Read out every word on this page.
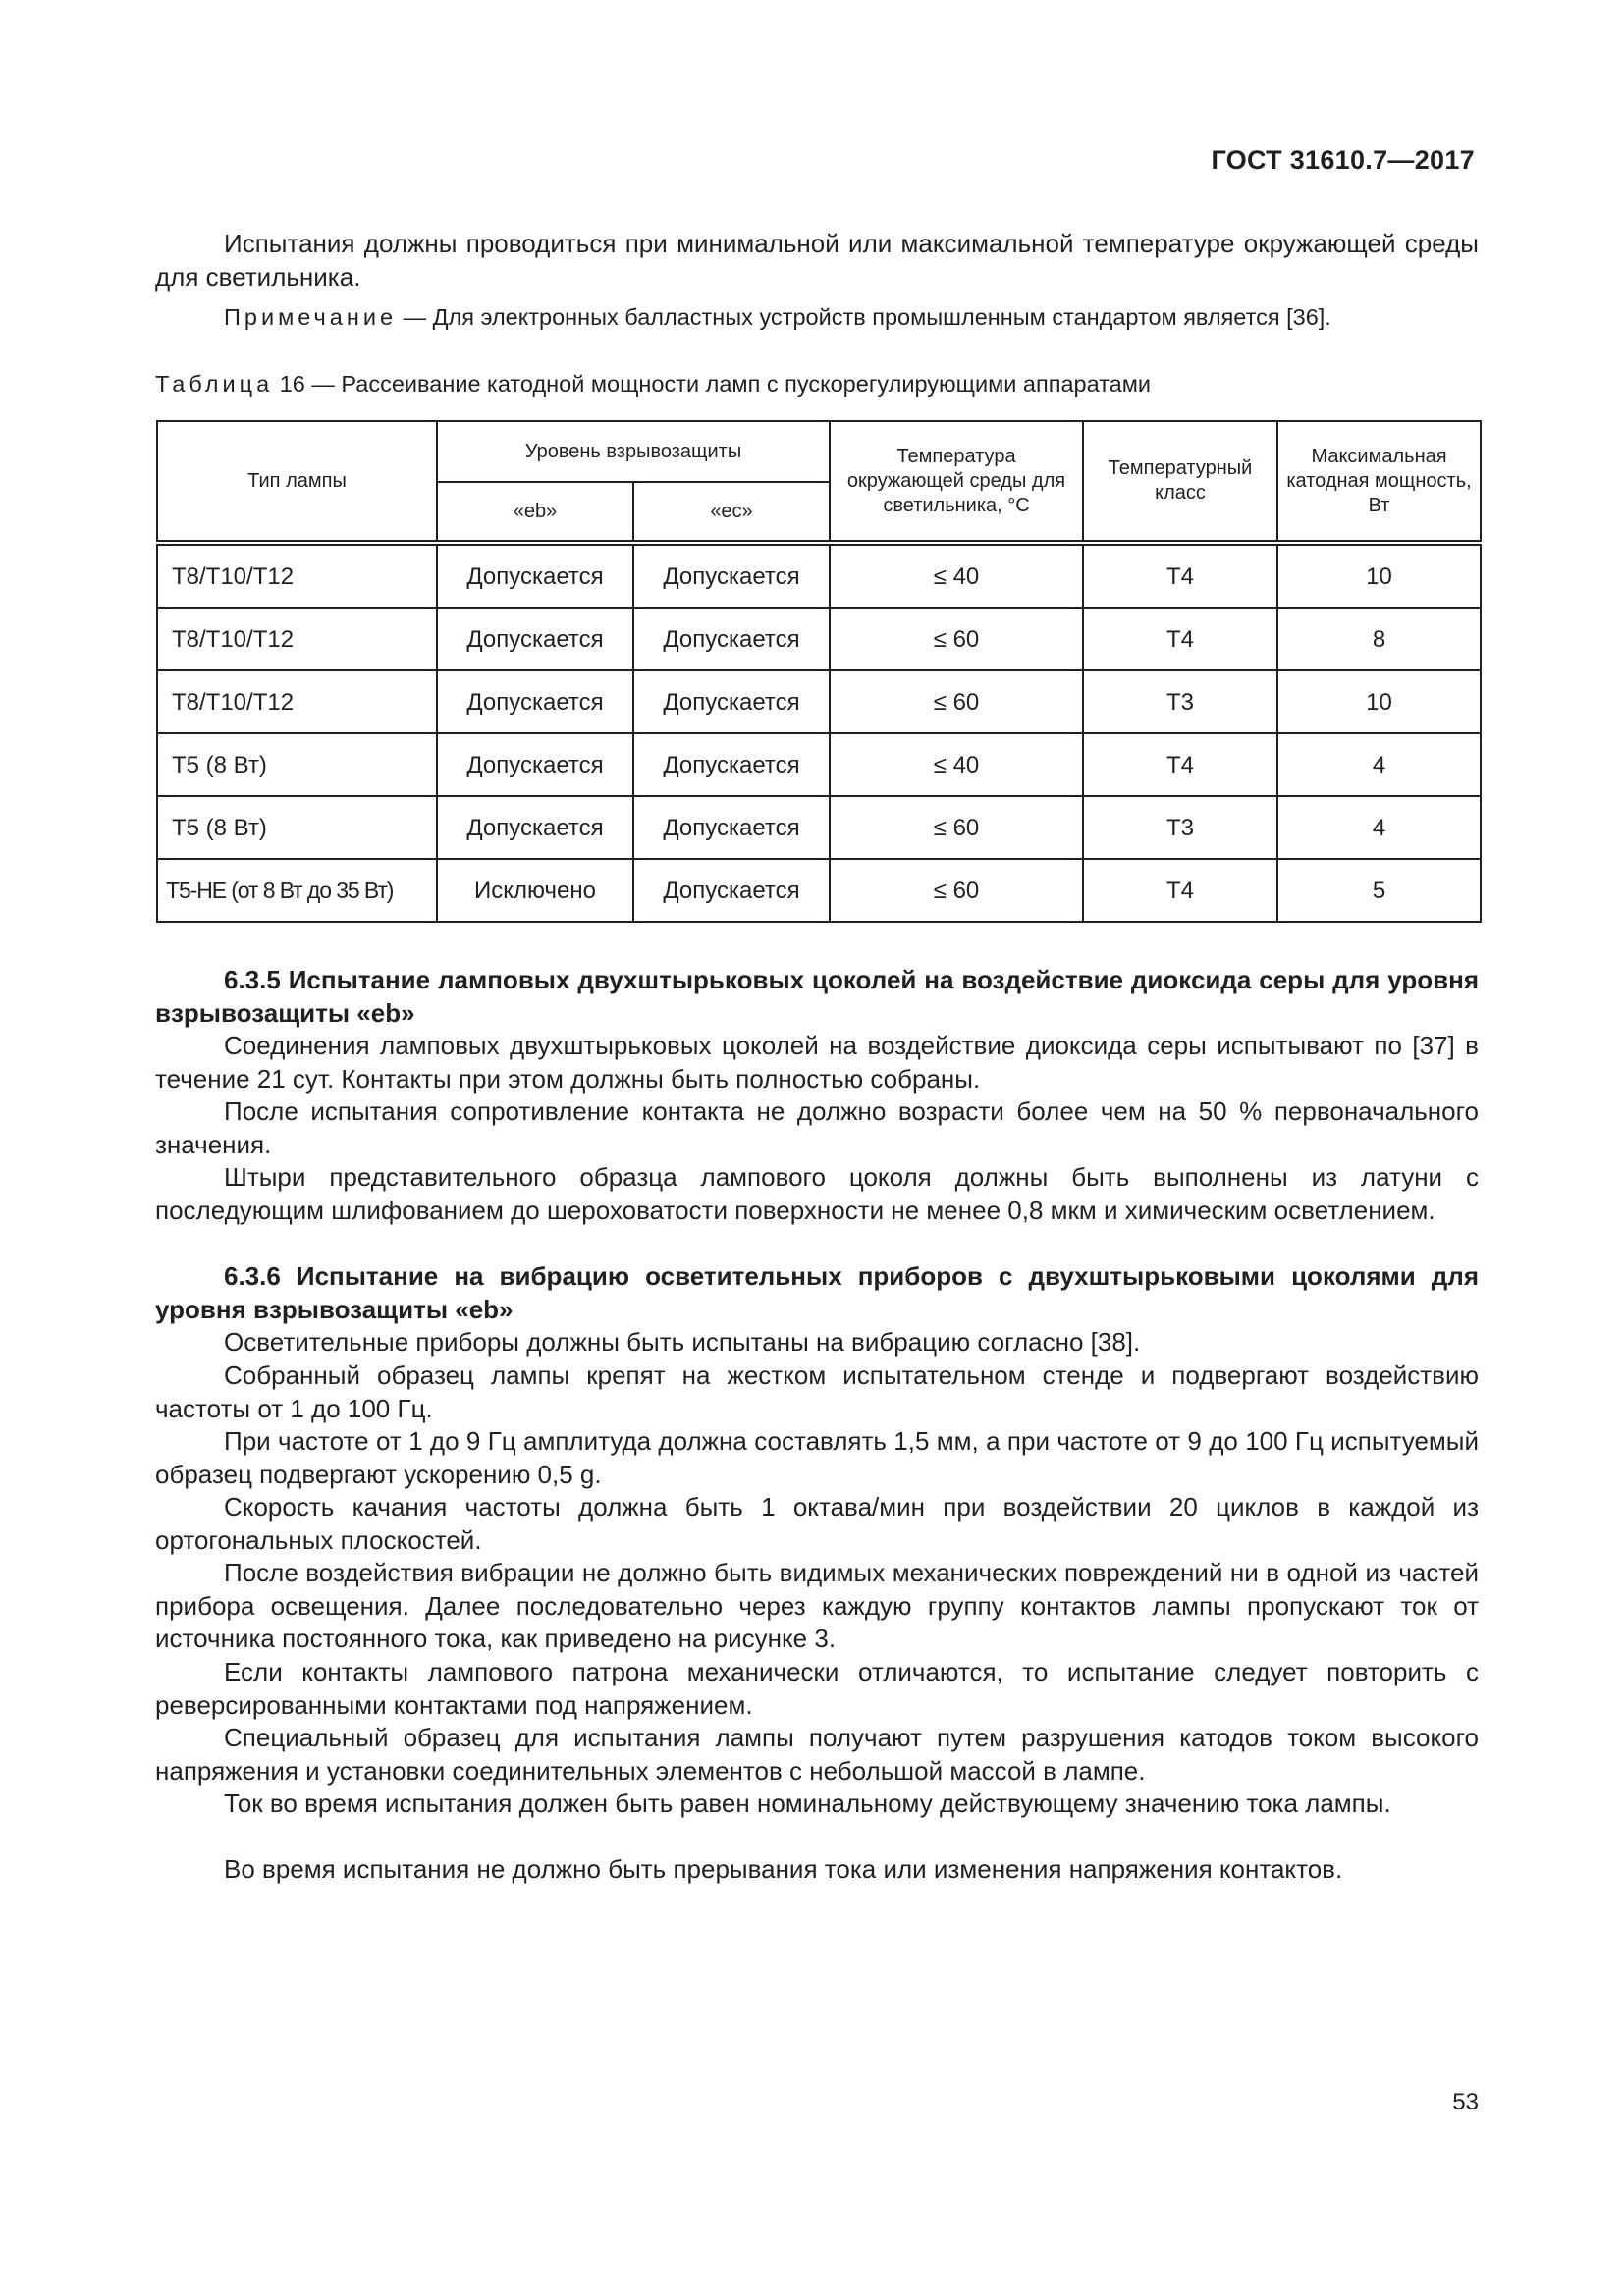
ГОСТ 31610.7—2017

Испытания должны проводиться при минимальной или максимальной температуре окружающей среды для светильника.

Примечание — Для электронных балластных устройств промышленным стандартом является [36].
Таблица 16 — Рассеивание катодной мощности ламп с пускорегулирующими аппаратами
Тип лампы	Уровень взрывозащиты		Температура окружающей среды для светильника, °C	Температурный класс	Максимальная катодная мощность, Вт
	«eb»	«ec»			
T8/T10/T12	Допускается	Допускается	≤ 40	T4	10
T8/T10/T12	Допускается	Допускается	≤ 60	T4	8
T8/T10/T12	Допускается	Допускается	≤ 60	T3	10
T5 (8 Вт)	Допускается	Допускается	≤ 40	T4	4
T5 (8 Вт)	Допускается	Допускается	≤ 60	T3	4
T5-HE (от 8 Вт до 35 Вт)	Исключено	Допускается	≤ 60	T4	5

6.3.5 Испытание ламповых двухштырьковых цоколей на воздействие диоксида серы для уровня взрывозащиты «eb»

Соединения ламповых двухштырьковых цоколей на воздействие диоксида серы испытывают по [37] в течение 21 сут. Контакты при этом должны быть полностью собраны.

После испытания сопротивление контакта не должно возрасти более чем на 50 % первоначального значения.

Штыри представительного образца лампового цоколя должны быть выполнены из латуни с последующим шлифованием до шероховатости поверхности не менее 0,8 мкм и химическим осветлением.

6.3.6 Испытание на вибрацию осветительных приборов с двухштырьковыми цоколями для уровня взрывозащиты «eb»

Осветительные приборы должны быть испытаны на вибрацию согласно [38].

Собранный образец лампы крепят на жестком испытательном стенде и подвергают воздействию частоты от 1 до 100 Гц.

При частоте от 1 до 9 Гц амплитуда должна составлять 1,5 мм, а при частоте от 9 до 100 Гц испытуемый образец подвергают ускорению 0,5 g.

Скорость качания частоты должна быть 1 октава/мин при воздействии 20 циклов в каждой из ортогональных плоскостей.

После воздействия вибрации не должно быть видимых механических повреждений ни в одной из частей прибора освещения. Далее последовательно через каждую группу контактов лампы пропускают ток от источника постоянного тока, как приведено на рисунке 3.

Если контакты лампового патрона механически отличаются, то испытание следует повторить с реверсированными контактами под напряжением.

Специальный образец для испытания лампы получают путем разрушения катодов током высокого напряжения и установки соединительных элементов с небольшой массой в лампе.

Ток во время испытания должен быть равен номинальному действующему значению тока лампы.

Во время испытания не должно быть прерывания тока или изменения напряжения контактов.

53
